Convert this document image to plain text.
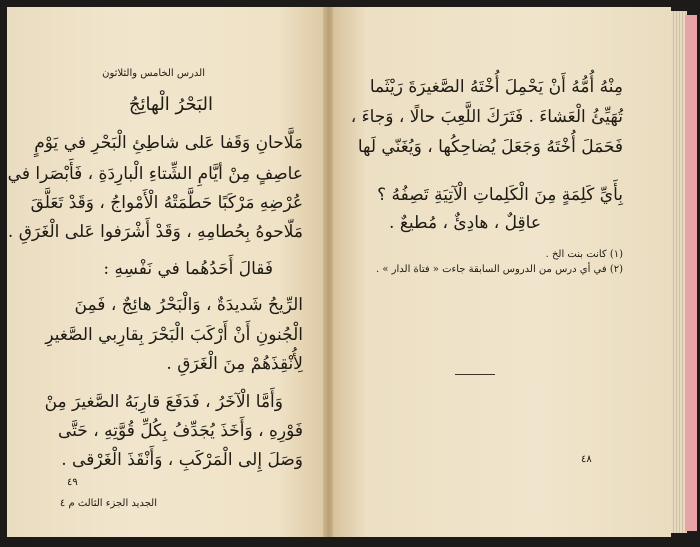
الدرس الخامس والثلاثون
البَحْرُ الْهائِجُ
مَلَّاحانِ وَقَفا عَلى شاطِئِ الْبَحْرِ في يَوْمٍ
عاصِفٍ مِنْ أيَّامِ الشِّتاءِ الْبارِدَةِ ، فَأَبْصَرا في
عُرْضِهِ مَرْكَبًا حَطَّمَتْهُ الْأَمْواجُ ، وَقَدْ تَعَلَّقَ
مَلّاحوهُ بِحُطامِهِ ، وَقَدْ أَشْرَفوا عَلى الْغَرَقِ .
فَقالَ أَحَدُهُما في نَفْسِهِ :
الرِّيحُ شَديدَةٌ ، وَالْبَحْرُ هائِجٌ ، فَمِنَ
الْجُنونِ أَنْ أَرْكَبَ الْبَحْرَ بِقارِبي الصَّغيرِ
لِأُنْقِذَهُمْ مِنَ الْغَرَقِ .
وَأَمَّا الْآخَرُ ، فَدَفَعَ قارِبَهُ الصَّغيرَ مِنْ
فَوْرِهِ ، وَأَخَذَ يُجَدِّفُ بِكُلِّ قُوَّتِهِ ، حَتَّى
وَصَلَ إِلى الْمَرْكَبِ ، وَأَنْقَذَ الْغَرْقى .
٤٩
الجديد الجزء الثالث م ٤
مِنْهُ أُمُّهُ أَنْ يَحْمِلَ أُخْتَهُ الصَّغيرَةَ رَيْثَما
تُهَيِّئُ الْعَشاءَ . فَتَرَكَ اللَّعِبَ حالًا ، وَجاءَ ،
فَحَمَلَ أُخْتَهُ وَجَعَلَ يُضاحِكُها ، وَيُغَنّي لَها
بِأَيِّ كَلِمَةٍ مِنَ الْكَلِماتِ الْآتِيَةِ تَصِفُهُ ؟
عاقِلٌ ، هادِئٌ ، مُطيعٌ .
(١) كانت بنت الخ .
(٢) في أي درس من الدروس السابقة جاءت « فتاة الدار » .
٤٨
